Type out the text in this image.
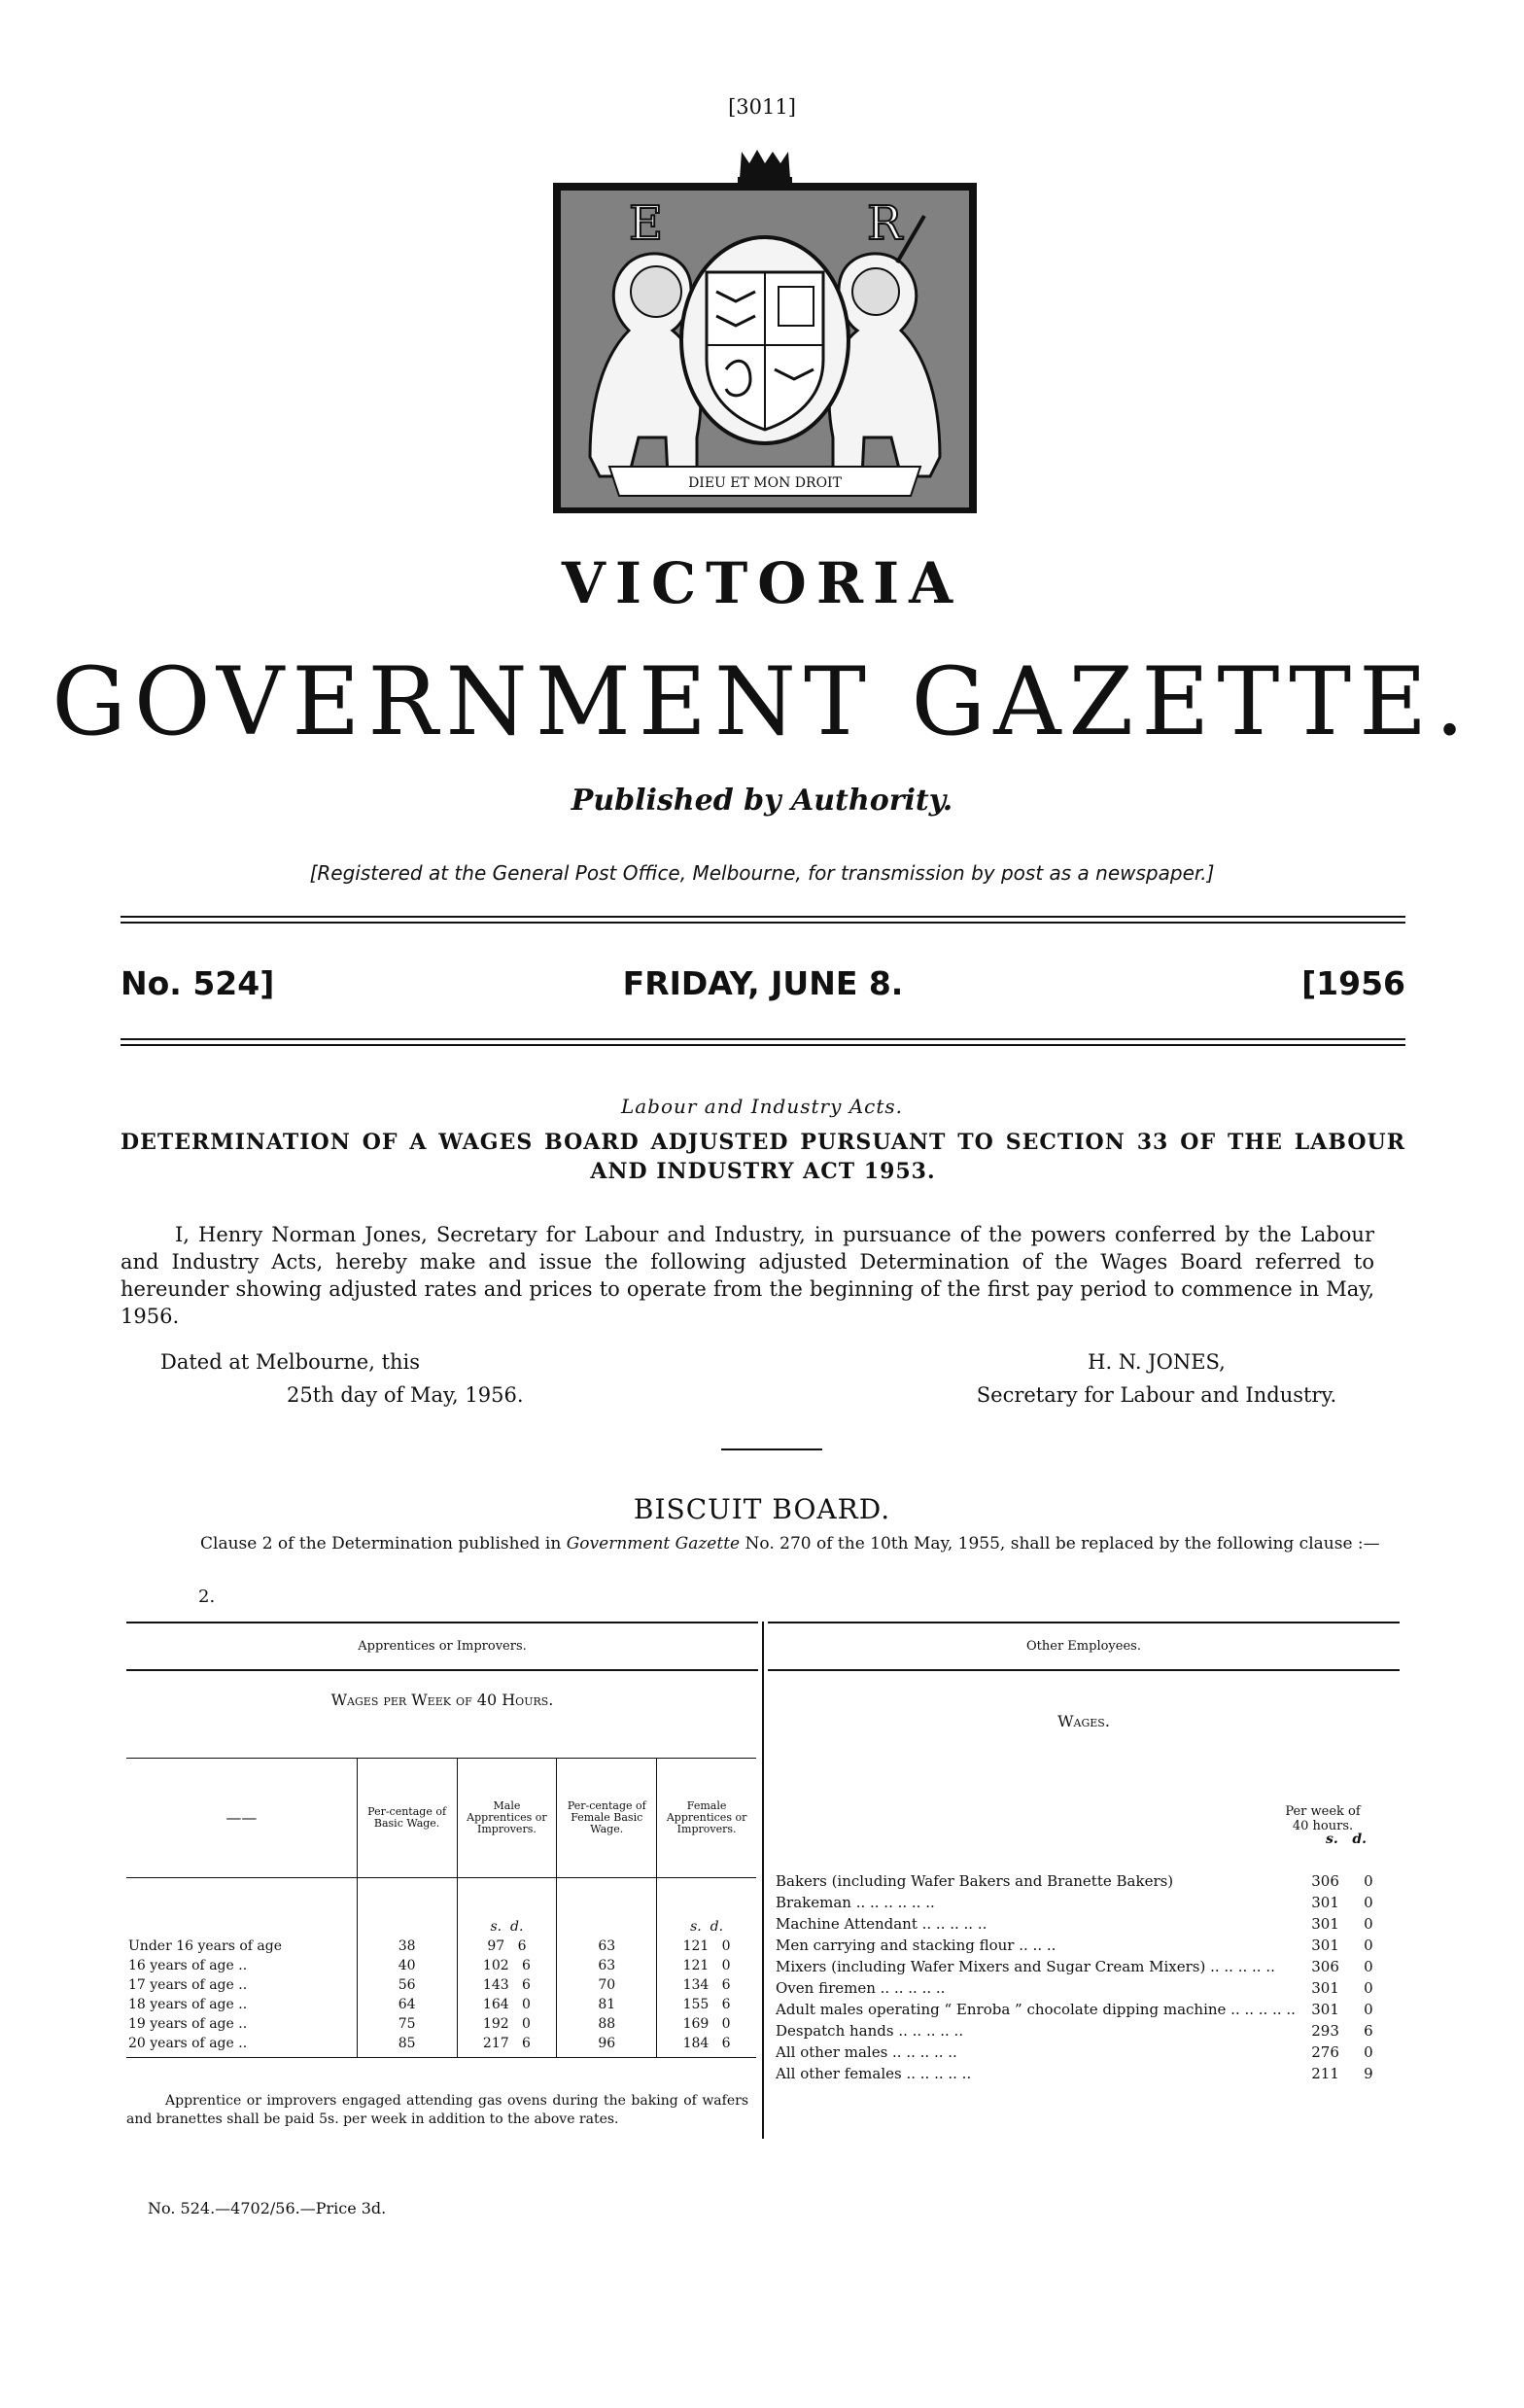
[3011]
E	R
DIEU ET MON DROIT
VICTORIA
GOVERNMENT GAZETTE.
Published by Authority.
[Registered at the General Post Office, Melbourne, for transmission by post as a newspaper.]
FRIDAY, JUNE 8.
No. 524]	[1956
Labour and Industry Acts.
DETERMINATION OF A WAGES BOARD ADJUSTED PURSUANT TO SECTION 33 OF THE LABOUR AND INDUSTRY ACT 1953.
I, Henry Norman Jones, Secretary for Labour and Industry, in pursuance of the powers conferred by the Labour and Industry Acts, hereby make and issue the following adjusted Determination of the Wages Board referred to hereunder showing adjusted rates and prices to operate from the beginning of the first pay period to commence in May, 1956.
Dated at Melbourne, this
25th day of May, 1956.
H. N. JONES,
Secretary for Labour and Industry.
BISCUIT BOARD.
Clause 2 of the Determination published in Government Gazette No. 270 of the 10th May, 1955, shall be replaced by the following clause :—
2.
Apprentices or Improvers.
Wages per Week of 40 Hours.
——	Per-centage of Basic Wage.	Male Apprentices or Improvers.	Per-centage of Female Basic Wage.	Female Apprentices or Improvers.
		s. d.		s. d.
Under 16 years of age	38	97 6	63	121 0
16 years of age ..	40	102 6	63	121 0
17 years of age ..	56	143 6	70	134 6
18 years of age ..	64	164 0	81	155 6
19 years of age ..	75	192 0	88	169 0
20 years of age ..	85	217 6	96	184 6
Apprentice or improvers engaged attending gas ovens during the baking of wafers and branettes shall be paid 5s. per week in addition to the above rates.
Other Employees.
Wages.
Per week of 40 hours.
s. d.
Bakers (including Wafer Bakers and Branette Bakers)	306	0
Brakeman .. .. .. .. .. ..	301	0
Machine Attendant .. .. .. .. ..	301	0
Men carrying and stacking flour .. .. ..	301	0
Mixers (including Wafer Mixers and Sugar Cream Mixers) .. .. .. .. ..	306	0
Oven firemen .. .. .. .. ..	301	0
Adult males operating “ Enroba ” chocolate dipping machine .. .. .. .. ..	301	0
Despatch hands .. .. .. .. ..	293	6
All other males .. .. .. .. ..	276	0
All other females .. .. .. .. ..	211	9
No. 524.—4702/56.—Price 3d.
